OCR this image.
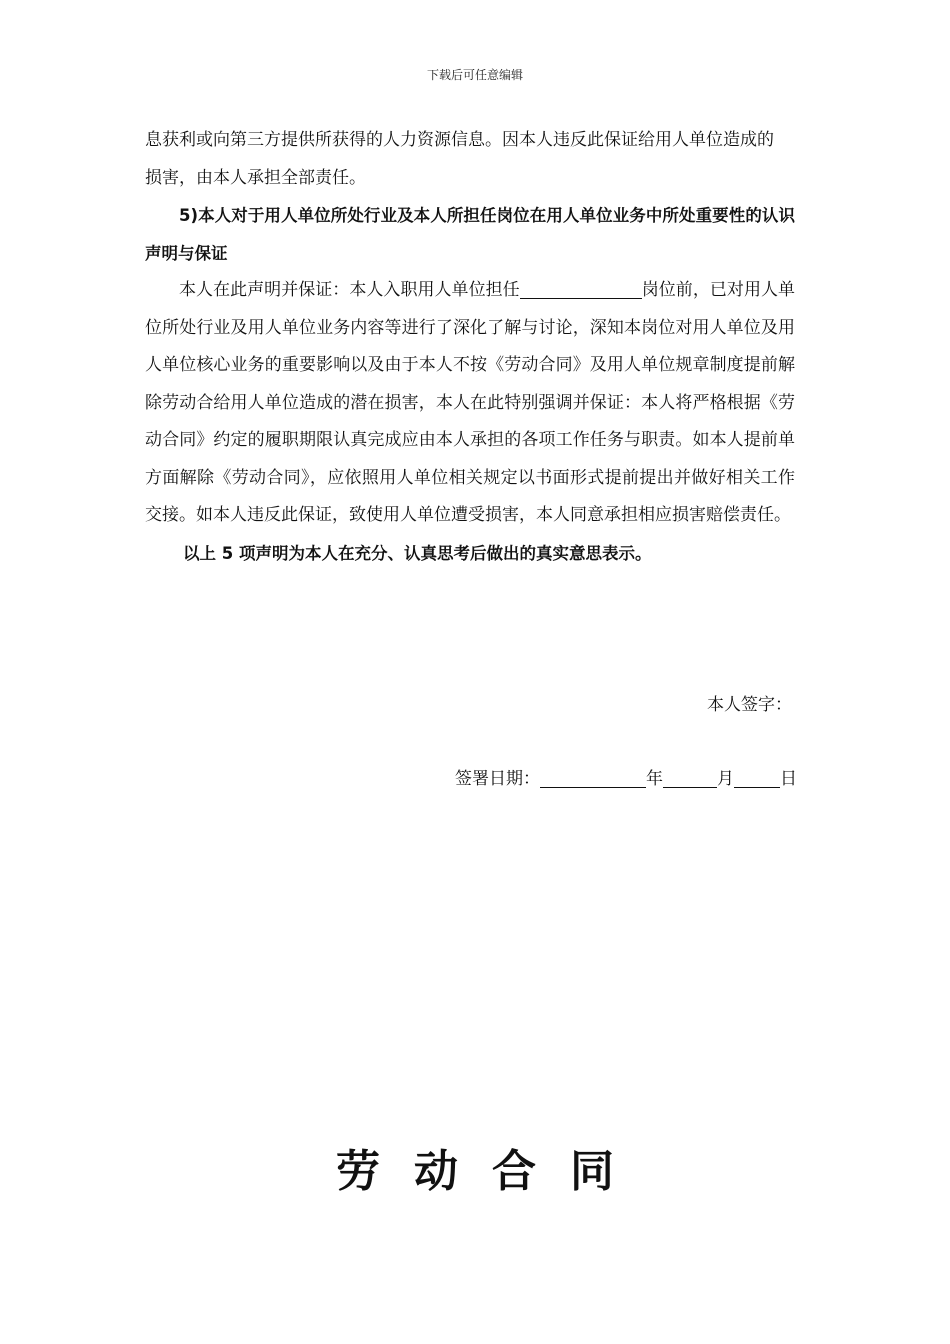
下载后可任意编辑

息获利或向第三方提供所获得的人力资源信息。因本人违反此保证给用人单位造成的
损害，由本人承担全部责任。

5)本人对于用人单位所处行业及本人所担任岗位在用人单位业务中所处重要性的认识声明与保证

本人在此声明并保证：本人入职用人单位担任	岗位前，已对用人单位所处行业及用人单位业务内容等进行了深化了解与讨论，深知本岗位对用人单位及用人单位核心业务的重要影响以及由于本人不按《劳动合同》及用人单位规章制度提前解除劳动合给用人单位造成的潜在损害，本人在此特别强调并保证：本人将严格根据《劳动合同》约定的履职期限认真完成应由本人承担的各项工作任务与职责。如本人提前单方面解除《劳动合同》，应依照用人单位相关规定以书面形式提前提出并做好相关工作交接。如本人违反此保证，致使用人单位遭受损害，本人同意承担相应损害赔偿责任。

以上 5 项声明为本人在充分、认真思考后做出的真实意思表示。

本人签字：
签署日期：	年	月	日
劳动合同
